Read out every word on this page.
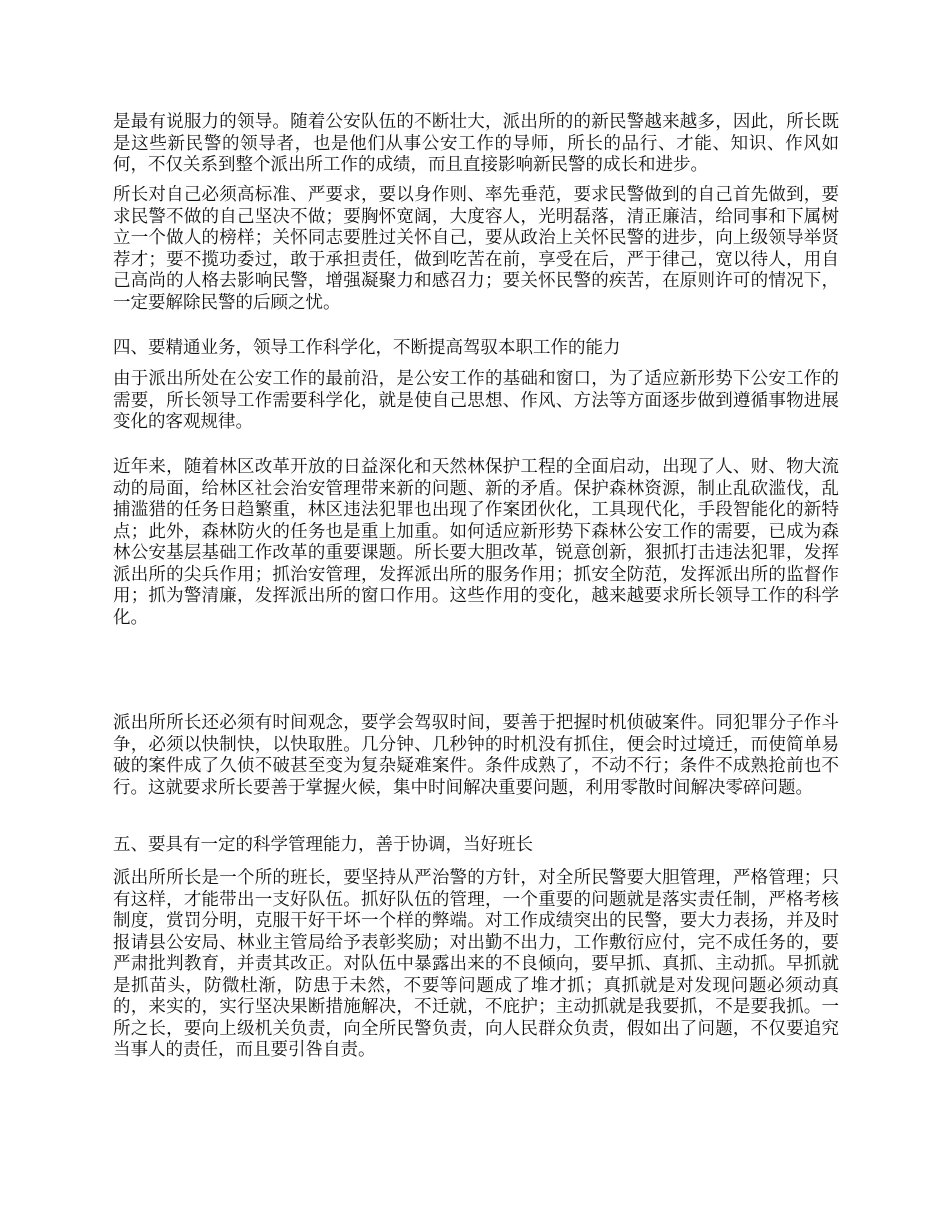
是最有说服力的领导。随着公安队伍的不断壮大，派出所的的新民警越来越多，因此，所长既是这些新民警的领导者，也是他们从事公安工作的导师，所长的品行、才能、知识、作风如何，不仅关系到整个派出所工作的成绩，而且直接影响新民警的成长和进步。

所长对自己必须高标准、严要求，要以身作则、率先垂范，要求民警做到的自己首先做到，要求民警不做的自己坚决不做；要胸怀宽阔，大度容人，光明磊落，清正廉洁，给同事和下属树立一个做人的榜样；关怀同志要胜过关怀自己，要从政治上关怀民警的进步，向上级领导举贤荐才；要不揽功委过，敢于承担责任，做到吃苦在前，享受在后，严于律己，宽以待人，用自己高尚的人格去影响民警，增强凝聚力和感召力；要关怀民警的疾苦，在原则许可的情况下，一定要解除民警的后顾之忧。

四、要精通业务，领导工作科学化，不断提高驾驭本职工作的能力

由于派出所处在公安工作的最前沿，是公安工作的基础和窗口，为了适应新形势下公安工作的需要，所长领导工作需要科学化，就是使自己思想、作风、方法等方面逐步做到遵循事物进展变化的客观规律。

近年来，随着林区改革开放的日益深化和天然林保护工程的全面启动，出现了人、财、物大流动的局面，给林区社会治安管理带来新的问题、新的矛盾。保护森林资源，制止乱砍滥伐，乱捕滥猎的任务日趋繁重，林区违法犯罪也出现了作案团伙化，工具现代化，手段智能化的新特点；此外，森林防火的任务也是重上加重。如何适应新形势下森林公安工作的需要，已成为森林公安基层基础工作改革的重要课题。所长要大胆改革，锐意创新，狠抓打击违法犯罪，发挥派出所的尖兵作用；抓治安管理，发挥派出所的服务作用；抓安全防范，发挥派出所的监督作用；抓为警清廉，发挥派出所的窗口作用。这些作用的变化，越来越要求所长领导工作的科学化。

派出所所长还必须有时间观念，要学会驾驭时间，要善于把握时机侦破案件。同犯罪分子作斗争，必须以快制快，以快取胜。几分钟、几秒钟的时机没有抓住，便会时过境迁，而使简单易破的案件成了久侦不破甚至变为复杂疑难案件。条件成熟了，不动不行；条件不成熟抢前也不行。这就要求所长要善于掌握火候，集中时间解决重要问题，利用零散时间解决零碎问题。

五、要具有一定的科学管理能力，善于协调，当好班长

派出所所长是一个所的班长，要坚持从严治警的方针，对全所民警要大胆管理，严格管理；只有这样，才能带出一支好队伍。抓好队伍的管理，一个重要的问题就是落实责任制，严格考核制度，赏罚分明，克服干好干坏一个样的弊端。对工作成绩突出的民警，要大力表扬，并及时报请县公安局、林业主管局给予表彰奖励；对出勤不出力，工作敷衍应付，完不成任务的，要严肃批判教育，并责其改正。对队伍中暴露出来的不良倾向，要早抓、真抓、主动抓。早抓就是抓苗头，防微杜渐，防患于未然，不要等问题成了堆才抓；真抓就是对发现问题必须动真的，来实的，实行坚决果断措施解决，不迁就，不庇护；主动抓就是我要抓，不是要我抓。一所之长，要向上级机关负责，向全所民警负责，向人民群众负责，假如出了问题，不仅要追究当事人的责任，而且要引咎自责。
